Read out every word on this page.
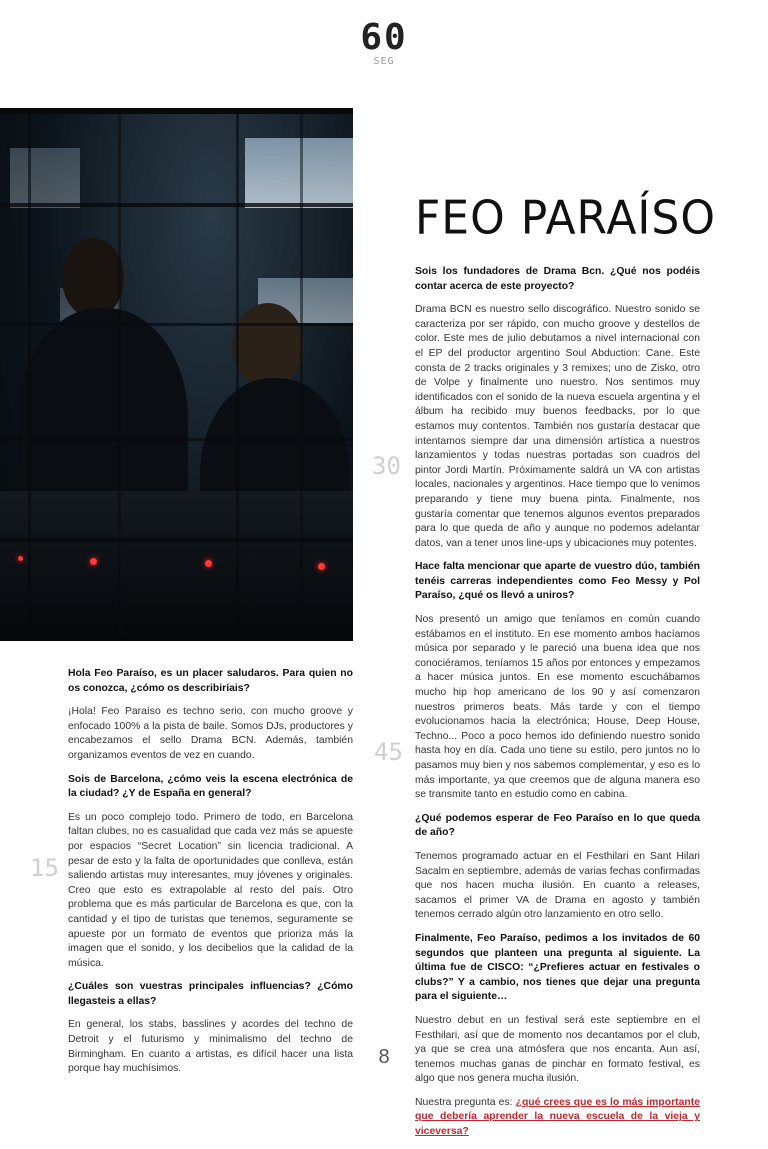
60
SEG
FEO PARAÍSO
30
45
15

Hola Feo Paraíso, es un placer saludaros. Para quien no os conozca, ¿cómo os describiríais?

¡Hola! Feo Paraíso es techno serio, con mucho groove y enfocado 100% a la pista de baile. Somos DJs, productores y encabezamos el sello Drama BCN. Además, también organizamos eventos de vez en cuando.

Sois de Barcelona, ¿cómo veis la escena electrónica de la ciudad? ¿Y de España en general?

Es un poco complejo todo. Primero de todo, en Barcelona faltan clubes, no es casualidad que cada vez más se apueste por espacios “Secret Location” sin licencia tradicional. A pesar de esto y la falta de oportunidades que conlleva, están saliendo artistas muy interesantes, muy jóvenes y originales. Creo que esto es extrapolable al resto del país. Otro problema que es más particular de Barcelona es que, con la cantidad y el tipo de turistas que tenemos, seguramente se apueste por un formato de eventos que prioriza más la imagen que el sonido, y los decibelios que la calidad de la música.

¿Cuáles son vuestras principales influencias? ¿Cómo llegasteis a ellas?

En general, los stabs, basslines y acordes del techno de Detroit y el futurismo y minimalismo del techno de Birmingham. En cuanto a artistas, es difícil hacer una lista porque hay muchísimos.

Sois los fundadores de Drama Bcn. ¿Qué nos podéis contar acerca de este proyecto?

Drama BCN es nuestro sello discográfico. Nuestro sonido se caracteriza por ser rápido, con mucho groove y destellos de color. Este mes de julio debutamos a nivel internacional con el EP del productor argentino Soul Abduction: Cane. Este consta de 2 tracks originales y 3 remixes; uno de Zisko, otro de Volpe y finalmente uno nuestro. Nos sentimos muy identificados con el sonido de la nueva escuela argentina y el álbum ha recibido muy buenos feedbacks, por lo que estamos muy contentos. También nos gustaría destacar que intentamos siempre dar una dimensión artística a nuestros lanzamientos y todas nuestras portadas son cuadros del pintor Jordi Martín. Próximamente saldrá un VA con artistas locales, nacionales y argentinos. Hace tiempo que lo venimos preparando y tiene muy buena pinta. Finalmente, nos gustaría comentar que tenemos algunos eventos preparados para lo que queda de año y aunque no podemos adelantar datos, van a tener unos line-ups y ubicaciones muy potentes.

Hace falta mencionar que aparte de vuestro dúo, también tenéis carreras independientes como Feo Messy y Pol Paraíso, ¿qué os llevó a uniros?

Nos presentó un amigo que teníamos en común cuando estábamos en el instituto. En ese momento ambos hacíamos música por separado y le pareció una buena idea que nos conociéramos, teníamos 15 años por entonces y empezamos a hacer música juntos. En ese momento escuchábamos mucho hip hop americano de los 90 y así comenzaron nuestros primeros beats. Más tarde y con el tiempo evolucionamos hacia la electrónica; House, Deep House, Techno... Poco a poco hemos ido definiendo nuestro sonido hasta hoy en día. Cada uno tiene su estilo, pero juntos no lo pasamos muy bien y nos sabemos complementar, y eso es lo más importante, ya que creemos que de alguna manera eso se transmite tanto en estudio como en cabina.

¿Qué podemos esperar de Feo Paraíso en lo que queda de año?

Tenemos programado actuar en el Festhilari en Sant Hilari Sacalm en septiembre, además de varias fechas confirmadas que nos hacen mucha ilusión. En cuanto a releases, sacamos el primer VA de Drama en agosto y también tenemos cerrado algún otro lanzamiento en otro sello.

Finalmente, Feo Paraíso, pedimos a los invitados de 60 segundos que planteen una pregunta al siguiente. La última fue de CISCO: “¿Prefieres actuar en festivales o clubs?” Y a cambio, nos tienes que dejar una pregunta para el siguiente…

Nuestro debut en un festival será este septiembre en el Festhilari, así que de momento nos decantamos por el club, ya que se crea una atmósfera que nos encanta. Aun así, tenemos muchas ganas de pinchar en formato festival, es algo que nos genera mucha ilusión.

Nuestra pregunta es: ¿qué crees que es lo más importante que debería aprender la nueva escuela de la vieja y viceversa?

8
